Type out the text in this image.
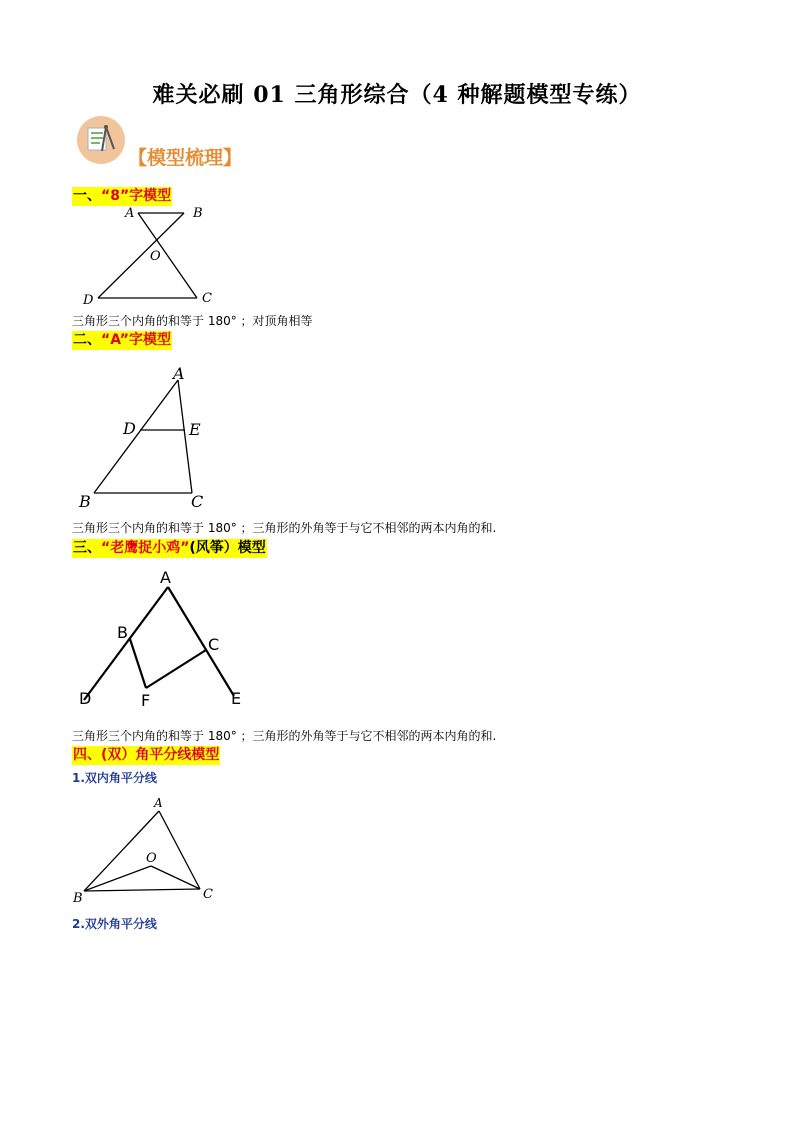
难关必刷 01 三角形综合（4 种解题模型专练）
【模型梳理】
一、“8”字模型
A	B
O
D	C
三角形三个内角的和等于 180° ；对顶角相等
二、“A”字模型
A
D	E
B	C
三角形三个内角的和等于 180° ；三角形的外角等于与它不相邻的两本内角的和.
三、“老鹰捉小鸡”(风筝）模型
A
B
C
D	F	E
三角形三个内角的和等于 180° ；三角形的外角等于与它不相邻的两本内角的和.
四、(双）角平分线模型
1.双内角平分线
A
O
B	C
2.双外角平分线
